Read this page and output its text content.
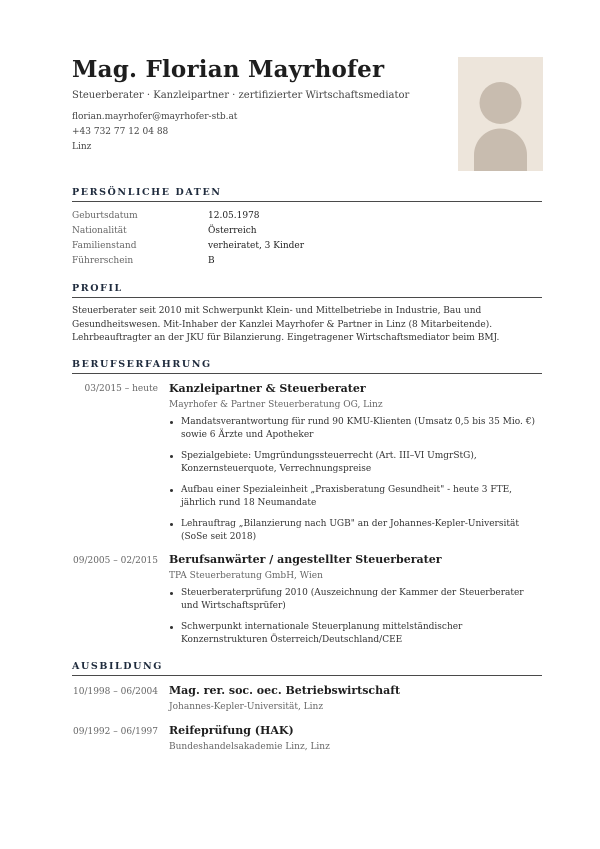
Mag. Florian Mayrhofer
Steuerberater · Kanzleipartner · zertifizierter Wirtschaftsmediator
florian.mayrhofer@mayrhofer-stb.at
+43 732 77 12 04 88
Linz
PERSÖNLICHE DATEN
Geburtsdatum	12.05.1978
Nationalität	Österreich
Familienstand	verheiratet, 3 Kinder
Führerschein	B
PROFIL
Steuerberater seit 2010 mit Schwerpunkt Klein- und Mittelbetriebe in Industrie, Bau und Gesundheitswesen. Mit-Inhaber der Kanzlei Mayrhofer & Partner in Linz (8 Mitarbeitende). Lehrbeauftragter an der JKU für Bilanzierung. Eingetragener Wirtschaftsmediator beim BMJ.
BERUFSERFAHRUNG
03/2015 – heute Kanzleipartner & Steuerberater
Mayrhofer & Partner Steuerberatung OG, Linz
Mandatsverantwortung für rund 90 KMU-Klienten (Umsatz 0,5 bis 35 Mio. €) sowie 6 Ärzte und Apotheker
Spezialgebiete: Umgründungssteuerrecht (Art. III–VI UmgrStG), Konzernsteuerquote, Verrechnungspreise
Aufbau einer Spezialeinheit „Praxisberatung Gesundheit" - heute 3 FTE, jährlich rund 18 Neumandate
Lehrauftrag „Bilanzierung nach UGB" an der Johannes-Kepler-Universität (SoSe seit 2018)
09/2005 – 02/2015 Berufsanwärter / angestellter Steuerberater
TPA Steuerberatung GmbH, Wien
Steuerberaterprüfung 2010 (Auszeichnung der Kammer der Steuerberater und Wirtschaftsprüfer)
Schwerpunkt internationale Steuerplanung mittelständischer Konzernstrukturen Österreich/Deutschland/CEE
AUSBILDUNG
10/1998 – 06/2004 Mag. rer. soc. oec. Betriebswirtschaft
Johannes-Kepler-Universität, Linz
09/1992 – 06/1997 Reifeprüfung (HAK)
Bundeshandelsakademie Linz, Linz
